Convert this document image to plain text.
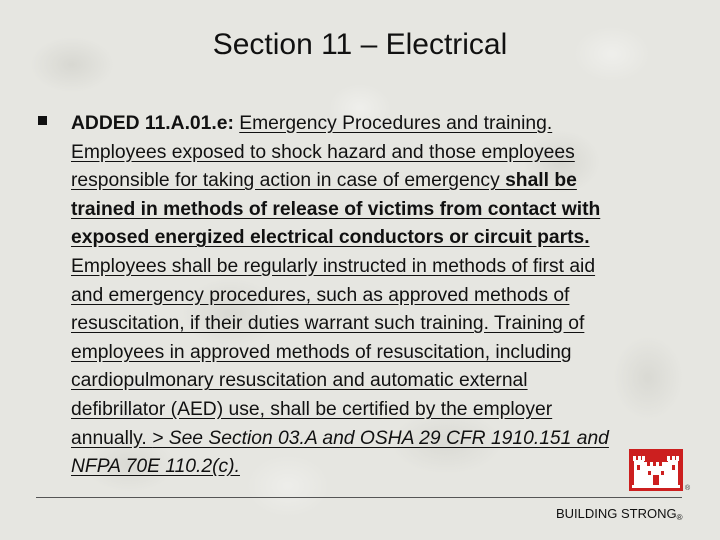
Section 11 – Electrical
ADDED 11.A.01.e: Emergency Procedures and training.
Employees exposed to shock hazard and those employees
responsible for taking action in case of emergency shall be
trained in methods of release of victims from contact with
exposed energized electrical conductors or circuit parts.
Employees shall be regularly instructed in methods of first aid
and emergency procedures, such as approved methods of
resuscitation, if their duties warrant such training. Training of
employees in approved methods of resuscitation, including
cardiopulmonary resuscitation and automatic external
defibrillator (AED) use, shall be certified by the employer
annually. > See Section 03.A and OSHA 29 CFR 1910.151 and
NFPA 70E 110.2(c).
®
BUILDING STRONG®
